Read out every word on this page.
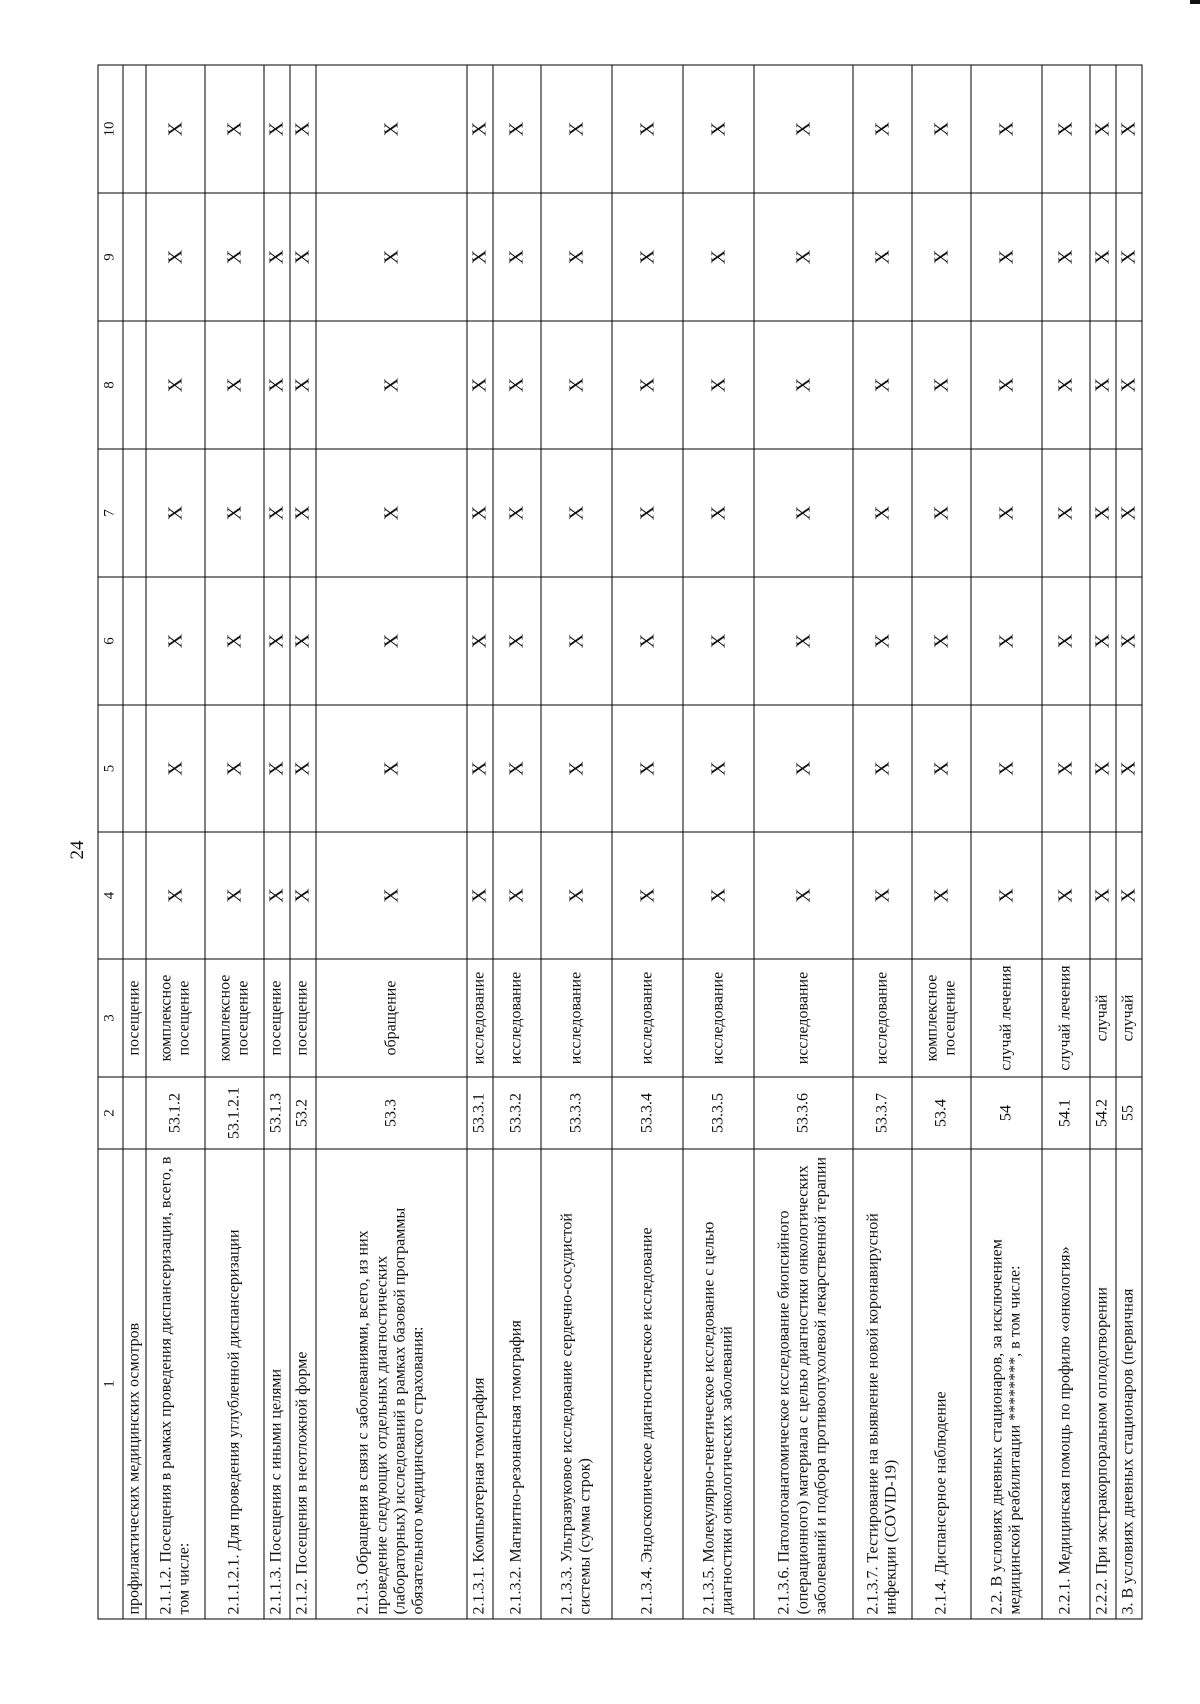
24
1	2	3	4	5	6	7	8	9	10
профилактических медицинских осмотров		посещение							
2.1.1.2. Посещения в рамках проведения диспансеризации, всего, в том числе:	53.1.2	комплексное посещение	X	X	X	X	X	X	X
2.1.1.2.1. Для проведения углубленной диспансеризации	53.1.2.1	комплексное посещение	X	X	X	X	X	X	X
2.1.1.3. Посещения с иными целями	53.1.3	посещение	X	X	X	X	X	X	X
2.1.2. Посещения в неотложной форме	53.2	посещение	X	X	X	X	X	X	X
2.1.3. Обращения в связи с заболеваниями, всего, из них проведение следующих отдельных диагностических (лабораторных) исследований в рамках базовой программы обязательного медицинского страхования:	53.3	обращение	X	X	X	X	X	X	X
2.1.3.1. Компьютерная томография	53.3.1	исследование	X	X	X	X	X	X	X
2.1.3.2. Магнитно-резонансная томография	53.3.2	исследование	X	X	X	X	X	X	X
2.1.3.3. Ультразвуковое исследование сердечно-сосудистой системы (сумма строк)	53.3.3	исследование	X	X	X	X	X	X	X
2.1.3.4. Эндоскопическое диагностическое исследование	53.3.4	исследование	X	X	X	X	X	X	X
2.1.3.5. Молекулярно-генетическое исследование с целью диагностики онкологических заболеваний	53.3.5	исследование	X	X	X	X	X	X	X
2.1.3.6. Патологоанатомическое исследование биопсийного (операционного) материала с целью диагностики онкологических заболеваний и подбора противоопухолевой лекарственной терапии	53.3.6	исследование	X	X	X	X	X	X	X
2.1.3.7. Тестирование на выявление новой коронавирусной инфекции (COVID-19)	53.3.7	исследование	X	X	X	X	X	X	X
2.1.4. Диспансерное наблюдение	53.4	комплексное посещение	X	X	X	X	X	X	X
2.2. В условиях дневных стационаров, за исключением медицинской реабилитации ********, в том числе:	54	случай лечения	X	X	X	X	X	X	X
2.2.1. Медицинская помощь по профилю «онкология»	54.1	случай лечения	X	X	X	X	X	X	X
2.2.2. При экстракорпоральном оплодотворении	54.2	случай	X	X	X	X	X	X	X
3. В условиях дневных стационаров (первичная	55	случай	X	X	X	X	X	X	X
